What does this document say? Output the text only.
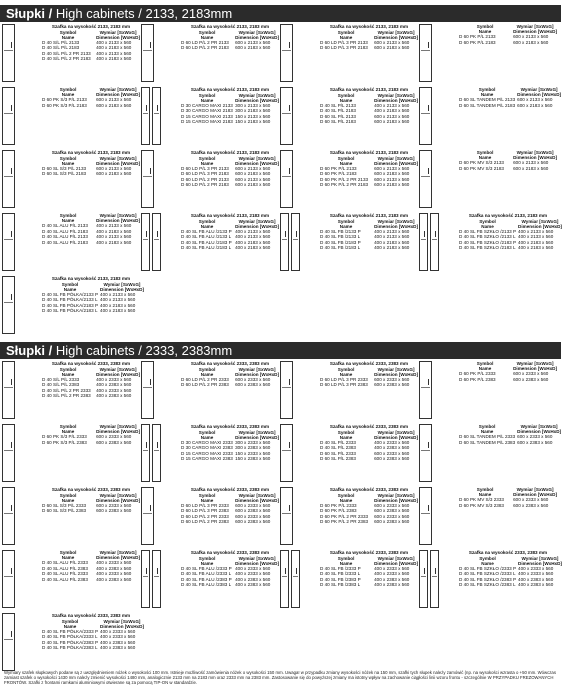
Słupki / High cabinets / 2133, 2183mm
Szafka na wysokość 2133, 2183 mm
Symbol
Name
D 40 S/L P/L 2133
D 40 S/L P/L 2183
D 40 S/L P/L 2 PR 2133
D 40 S/L P/L 2 PR 2183
Wymiar [SxWxG]
Dimension [WxHxD]
400 x 2133 x 560
400 x 2183 x 560
400 x 2133 x 560
400 x 2183 x 560
Szafka na wysokość 2133, 2183 mm
Symbol
Name
D 60 LD P/L 2 PR 2133
D 60 LD P/L 2 PR 2183
Wymiar [SxWxG]
Dimension [WxHxD]
600 x 2133 x 560
600 x 2183 x 560
Szafka na wysokość 2133, 2183 mm
Symbol
Name
D 60 LD P/L 3 PR 2133
D 60 LD P/L 3 PR 2183
Wymiar [SxWxG]
Dimension [WxHxD]
600 x 2133 x 560
600 x 2183 x 560
Symbol
Name
D 60 PK P/L 2133
D 60 PK P/L 2183
Wymiar [SxWxG]
Dimension [WxHxD]
600 x 2133 x 560
600 x 2183 x 560
Symbol
Name
D 60 PK S/3 P/L 2133
D 60 PK S/3 P/L 2183
Wymiar [SxWxG]
Dimension [WxHxD]
600 x 2133 x 560
600 x 2183 x 560
Szafka na wysokość 2133, 2183 mm
Symbol
Name
D 30 CARGO MAXI 2133
D 30 CARGO MAXI 2183
D 15 CARGO MAXI 2133
D 15 CARGO MAXI 2183
Wymiar [SxWxG]
Dimension [WxHxD]
300 x 2133 x 560
300 x 2183 x 560
150 x 2133 x 560
150 x 2183 x 560
Szafka na wysokość 2133, 2183 mm
Symbol
Name
D 40 SL P/L 2133
D 40 SL P/L 2183
D 60 SL P/L 2133
D 60 SL P/L 2183
Wymiar [SxWxG]
Dimension [WxHxD]
400 x 2133 x 560
400 x 2183 x 560
600 x 2133 x 560
600 x 2183 x 560
Symbol
Name
D 60 SL TANDEM P/L 2133
D 60 SL TANDEM P/L 2183
Wymiar [SxWxG]
Dimension [WxHxD]
600 x 2133 x 560
600 x 2183 x 560
Szafka na wysokość 2133, 2183 mm
Symbol
Name
D 60 SL S/3 P/L 2133
D 60 SL S/3 P/L 2183
Wymiar [SxWxG]
Dimension [WxHxD]
600 x 2133 x 560
600 x 2183 x 560
Szafka na wysokość 2133, 2183 mm
Symbol
Name
D 60 LD P/L 3 PR 2133
D 60 LD P/L 3 PR 2183
D 60 LD P/L 2 PR 2133
D 60 LD P/L 2 PR 2183
Wymiar [SxWxG]
Dimension [WxHxD]
600 x 2133 x 560
600 x 2183 x 560
600 x 2133 x 560
600 x 2183 x 560
Szafka na wysokość 2133, 2183 mm
Symbol
Name
D 60 PK P/L 2133
D 60 PK P/L 2183
D 60 PK P/L 2 PR 2133
D 60 PK P/L 2 PR 2183
Wymiar [SxWxG]
Dimension [WxHxD]
600 x 2133 x 560
600 x 2183 x 560
600 x 2133 x 560
600 x 2183 x 560
Symbol
Name
D 60 PK MV S/3 2133
D 60 PK MV S/3 2183
Wymiar [SxWxG]
Dimension [WxHxD]
600 x 2133 x 560
600 x 2183 x 560
Symbol
Name
D 40 SL ALU P/L 2133
D 40 SL ALU P/L 2183
D 40 SL ALU P/L 2133
D 40 SL ALU P/L 2183
Wymiar [SxWxG]
Dimension [WxHxD]
400 x 2133 x 560
400 x 2183 x 560
400 x 2133 x 560
400 x 2183 x 560
Szafka na wysokość 2133, 2183 mm
Symbol
Name
D 40 SL FB ALU /2133 P
D 40 SL FB ALU /2133 L
D 40 SL FB ALU /2183 P
D 40 SL FB ALU /2183 L
Wymiar [SxWxG]
Dimension [WxHxD]
400 x 2133 x 560
400 x 2133 x 560
400 x 2183 x 560
400 x 2183 x 560
Szafka na wysokość 2133, 2183 mm
Symbol
Name
D 40 SL FB /2133 P
D 40 SL FB /2133 L
D 40 SL FB /2183 P
D 40 SL FB /2183 L
Wymiar [SxWxG]
Dimension [WxHxD]
400 x 2133 x 560
400 x 2133 x 560
400 x 2183 x 560
400 x 2183 x 560
Szafka na wysokość 2133, 2183 mm
Symbol
Name
D 40 SL FB SZKŁO /2133 P
D 40 SL FB SZKŁO /2133 L
D 40 SL FB SZKŁO /2183 P
D 40 SL FB SZKŁO /2183 L
Wymiar [SxWxG]
Dimension [WxHxD]
400 x 2133 x 560
400 x 2133 x 560
400 x 2183 x 560
400 x 2183 x 560
Szafka na wysokość 2133, 2183 mm
Symbol
Name
D 40 SL FB PÓŁKA/2133 P
D 40 SL FB PÓŁKA/2133 L
D 40 SL FB PÓŁKA/2183 P
D 40 SL FB PÓŁKA/2183 L
Wymiar [SxWxG]
Dimension [WxHxD]
400 x 2133 x 560
400 x 2133 x 560
400 x 2183 x 560
400 x 2183 x 560
Słupki / High cabinets / 2333, 2383mm
Szafka na wysokość 2333, 2383 mm
Symbol
Name
D 40 S/L P/L 2333
D 40 S/L P/L 2383
D 40 S/L P/L 2 PR 2333
D 40 S/L P/L 2 PR 2383
Wymiar [SxWxG]
Dimension [WxHxD]
400 x 2333 x 560
400 x 2383 x 560
400 x 2333 x 560
400 x 2383 x 560
Szafka na wysokość 2333, 2383 mm
Symbol
Name
D 60 LD P/L 2 PR 2333
D 60 LD P/L 2 PR 2383
Wymiar [SxWxG]
Dimension [WxHxD]
600 x 2333 x 560
600 x 2383 x 560
Szafka na wysokość 2333, 2383 mm
Symbol
Name
D 60 LD P/L 3 PR 2333
D 60 LD P/L 3 PR 2383
Wymiar [SxWxG]
Dimension [WxHxD]
600 x 2333 x 560
600 x 2383 x 560
Symbol
Name
D 60 PK P/L 2333
D 60 PK P/L 2383
Wymiar [SxWxG]
Dimension [WxHxD]
600 x 2333 x 560
600 x 2383 x 560
Symbol
Name
D 60 PK S/3 P/L 2333
D 60 PK S/3 P/L 2383
Wymiar [SxWxG]
Dimension [WxHxD]
600 x 2333 x 560
600 x 2383 x 560
Szafka na wysokość 2333, 2383 mm
Symbol
Name
D 30 CARGO MAXI 2333
D 30 CARGO MAXI 2383
D 15 CARGO MAXI 2333
D 15 CARGO MAXI 2383
Wymiar [SxWxG]
Dimension [WxHxD]
300 x 2333 x 560
300 x 2383 x 560
150 x 2333 x 560
150 x 2383 x 560
Szafka na wysokość 2333, 2383 mm
Symbol
Name
D 40 SL P/L 2333
D 40 SL P/L 2383
D 60 SL P/L 2333
D 60 SL P/L 2383
Wymiar [SxWxG]
Dimension [WxHxD]
400 x 2333 x 560
400 x 2383 x 560
600 x 2333 x 560
600 x 2383 x 560
Symbol
Name
D 60 SL TANDEM P/L 2333
D 60 SL TANDEM P/L 2383
Wymiar [SxWxG]
Dimension [WxHxD]
600 x 2333 x 560
600 x 2383 x 560
Szafka na wysokość 2333, 2383 mm
Symbol
Name
D 60 SL S/3 P/L 2333
D 60 SL S/3 P/L 2383
Wymiar [SxWxG]
Dimension [WxHxD]
600 x 2333 x 560
600 x 2383 x 560
Szafka na wysokość 2333, 2383 mm
Symbol
Name
D 60 LD P/L 3 PR 2333
D 60 LD P/L 3 PR 2383
D 60 LD P/L 2 PR 2333
D 60 LD P/L 2 PR 2383
Wymiar [SxWxG]
Dimension [WxHxD]
600 x 2333 x 560
600 x 2383 x 560
600 x 2333 x 560
600 x 2383 x 560
Szafka na wysokość 2333, 2383 mm
Symbol
Name
D 60 PK P/L 2333
D 60 PK P/L 2383
D 60 PK P/L 2 PR 2333
D 60 PK P/L 2 PR 2383
Wymiar [SxWxG]
Dimension [WxHxD]
600 x 2333 x 560
600 x 2383 x 560
600 x 2333 x 560
600 x 2383 x 560
Symbol
Name
D 60 PK MV S/3 2333
D 60 PK MV S/3 2383
Wymiar [SxWxG]
Dimension [WxHxD]
600 x 2333 x 560
600 x 2383 x 560
Symbol
Name
D 40 SL ALU P/L 2333
D 40 SL ALU P/L 2383
D 40 SL ALU P/L 2333
D 40 SL ALU P/L 2383
Wymiar [SxWxG]
Dimension [WxHxD]
400 x 2333 x 560
400 x 2383 x 560
400 x 2333 x 560
400 x 2383 x 560
Szafka na wysokość 2333, 2383 mm
Symbol
Name
D 40 SL FB ALU /2333 P
D 40 SL FB ALU /2333 L
D 40 SL FB ALU /2383 P
D 40 SL FB ALU /2383 L
Wymiar [SxWxG]
Dimension [WxHxD]
400 x 2333 x 560
400 x 2333 x 560
400 x 2383 x 560
400 x 2383 x 560
Szafka na wysokość 2333, 2383 mm
Symbol
Name
D 40 SL FB /2333 P
D 40 SL FB /2333 L
D 40 SL FB /2383 P
D 40 SL FB /2383 L
Wymiar [SxWxG]
Dimension [WxHxD]
400 x 2333 x 560
400 x 2333 x 560
400 x 2383 x 560
400 x 2383 x 560
Szafka na wysokość 2333, 2383 mm
Symbol
Name
D 40 SL FB SZKŁO /2333 P
D 40 SL FB SZKŁO /2333 L
D 40 SL FB SZKŁO /2383 P
D 40 SL FB SZKŁO /2383 L
Wymiar [SxWxG]
Dimension [WxHxD]
400 x 2333 x 560
400 x 2333 x 560
400 x 2383 x 560
400 x 2383 x 560
Szafka na wysokość 2333, 2383 mm
Symbol
Name
D 40 SL FB PÓŁKA/2333 P
D 40 SL FB PÓŁKA/2333 L
D 40 SL FB PÓŁKA/2383 P
D 40 SL FB PÓŁKA/2383 L
Wymiar [SxWxG]
Dimension [WxHxD]
400 x 2333 x 560
400 x 2333 x 560
400 x 2383 x 560
400 x 2383 x 560
Wymiary szafek słupkowych podane są z uwzględnieniem nóżek o wysokości 100 mm. Istnieje możliwość zamówienia nóżek o wysokości 150 mm. Uwaga! w przypadku zmiany wysokości nóżek na 150 mm, szafki tych słupek należy zamówić (np. na wysokości wzrasta o +50 mm. Wówczas zamiast szafek o wysokości 1430 mm należy zmienić wysokości 1480 mm, analogicznie 2133 mm na 2183 mm oraz 2333 mm na 2383 mm. Zastosowanie się do powyższej zmiany ma istotny wpływ na zachowanie ciągłości linii wzoru frontu - szczególnie W PRZYPADKU FREZOWANYCH FRONTÓW. Szafki z frontami ramkami aluminiowymi otwierane są za pomocą TIP-ON w standardzie.
